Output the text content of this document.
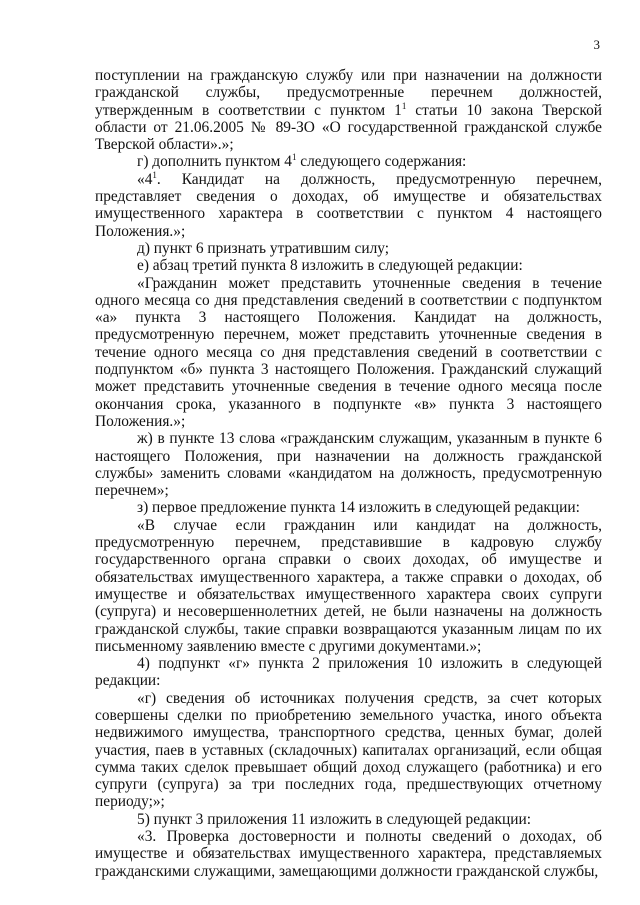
3

поступлении на гражданскую службу или при назначении на должности гражданской службы, предусмотренные перечнем должностей, утвержденным в соответствии с пунктом $1^1$ статьи 10 закона Тверской области от 21.06.2005 № 89-ЗО «О государственной гражданской службе Тверской области».»;

г) дополнить пунктом $4^1$ следующего содержания:

«$4^1$. Кандидат на должность, предусмотренную перечнем, представляет сведения о доходах, об имуществе и обязательствах имущественного характера в соответствии с пунктом 4 настоящего Положения.»;

д) пункт 6 признать утратившим силу;

е) абзац третий пункта 8 изложить в следующей редакции:

«Гражданин может представить уточненные сведения в течение одного месяца со дня представления сведений в соответствии с подпунктом «а» пункта 3 настоящего Положения. Кандидат на должность, предусмотренную перечнем, может представить уточненные сведения в течение одного месяца со дня представления сведений в соответствии с подпунктом «б» пункта 3 настоящего Положения. Гражданский служащий может представить уточненные сведения в течение одного месяца после окончания срока, указанного в подпункте «в» пункта 3 настоящего Положения.»;

ж) в пункте 13 слова «гражданским служащим, указанным в пункте 6 настоящего Положения, при назначении на должность гражданской службы» заменить словами «кандидатом на должность, предусмотренную перечнем»;

з) первое предложение пункта 14 изложить в следующей редакции:

«В случае если гражданин или кандидат на должность, предусмотренную перечнем, представившие в кадровую службу государственного органа справки о своих доходах, об имуществе и обязательствах имущественного характера, а также справки о доходах, об имуществе и обязательствах имущественного характера своих супруги (супруга) и несовершеннолетних детей, не были назначены на должность гражданской службы, такие справки возвращаются указанным лицам по их письменному заявлению вместе с другими документами.»;

4) подпункт «г» пункта 2 приложения 10 изложить в следующей редакции:

«г) сведения об источниках получения средств, за счет которых совершены сделки по приобретению земельного участка, иного объекта недвижимого имущества, транспортного средства, ценных бумаг, долей участия, паев в уставных (складочных) капиталах организаций, если общая сумма таких сделок превышает общий доход служащего (работника) и его супруги (супруга) за три последних года, предшествующих отчетному периоду;»;

5) пункт 3 приложения 11 изложить в следующей редакции:

«3. Проверка достоверности и полноты сведений о доходах, об имуществе и обязательствах имущественного характера, представляемых гражданскими служащими, замещающими должности гражданской службы,
